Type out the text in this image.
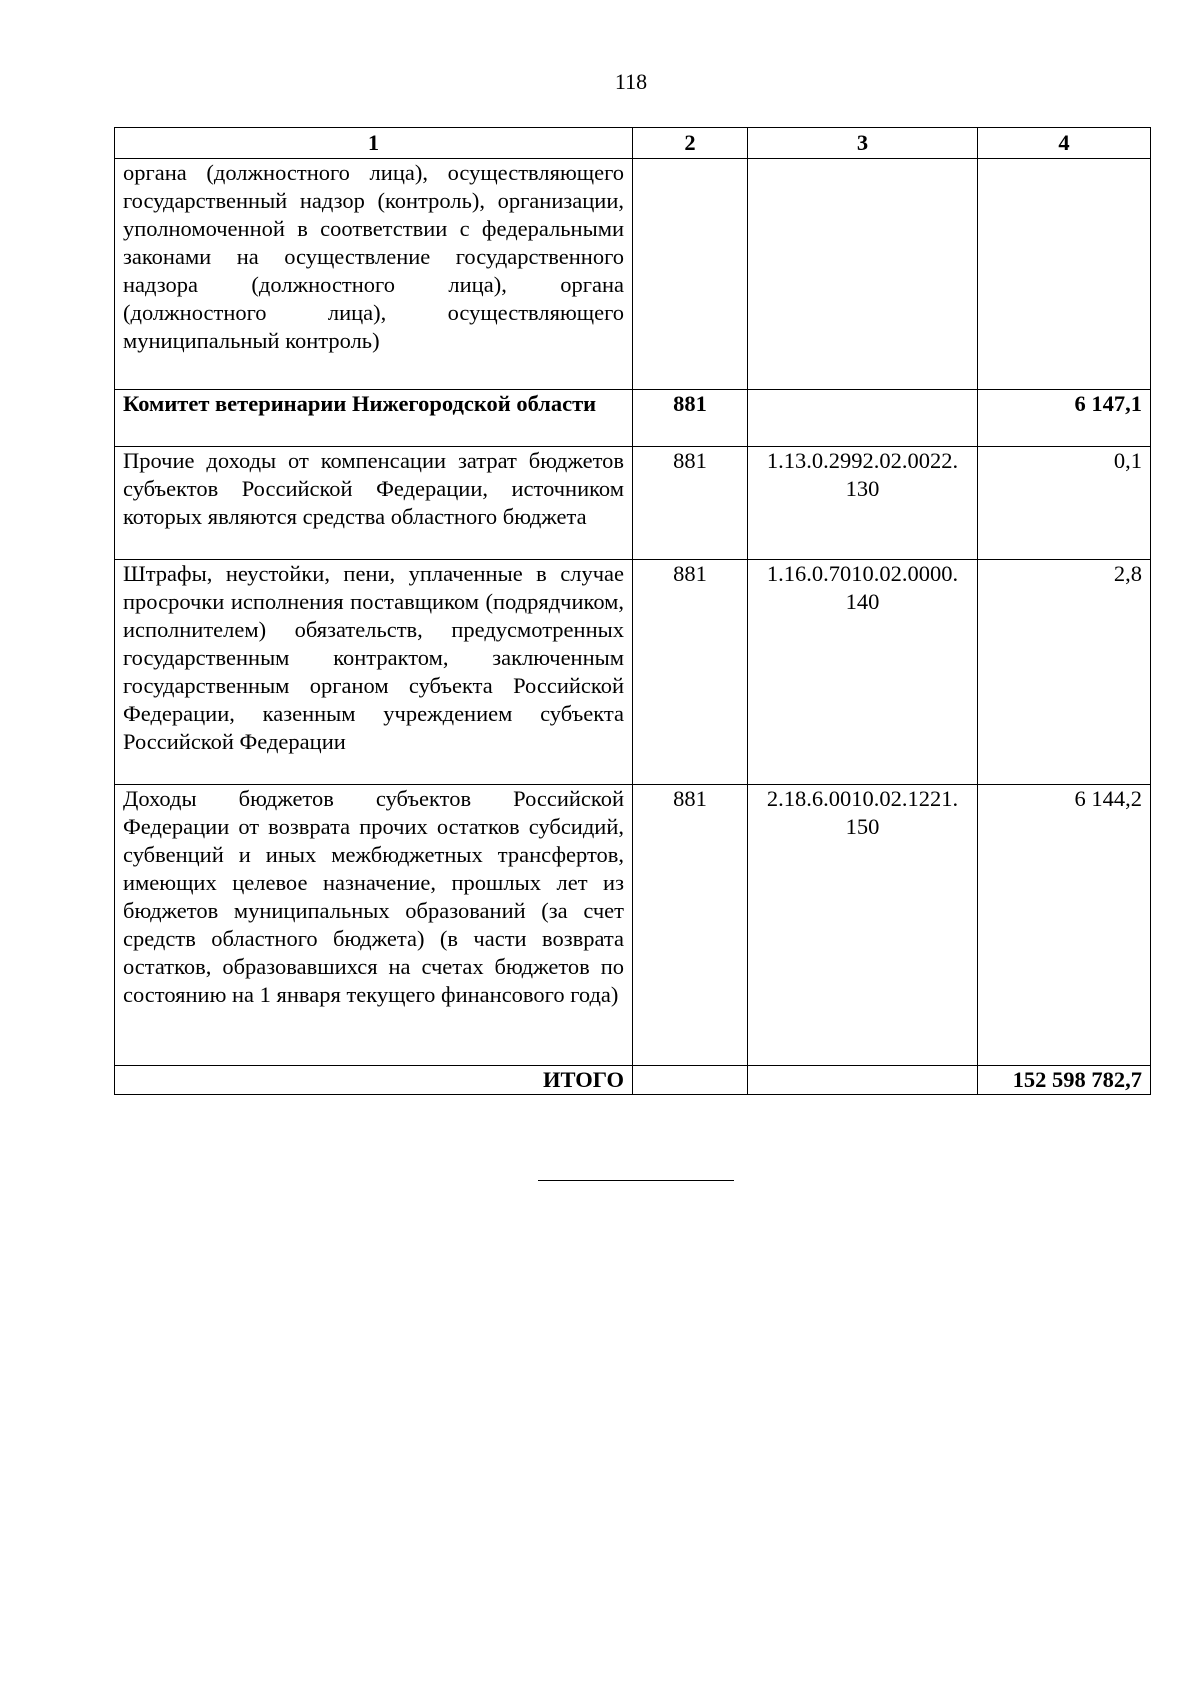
118
1	2	3	4
органа (должностного лица), осуществляющего государственный надзор (контроль), организации, уполномоченной в соответствии с федеральными законами на осуществление государственного надзора (должностного лица), органа (должностного лица), осуществляющего муниципальный контроль)			
Комитет ветеринарии Нижегородской области	881		6 147,1
Прочие доходы от компенсации затрат бюджетов субъектов Российской Федерации, источником которых являются средства областного бюджета	881	1.13.0.2992.02.0022. 130	0,1
Штрафы, неустойки, пени, уплаченные в случае просрочки исполнения поставщиком (подрядчиком, исполнителем) обязательств, предусмотренных государственным контрактом, заключенным государственным органом субъекта Российской Федерации, казенным учреждением субъекта Российской Федерации	881	1.16.0.7010.02.0000. 140	2,8
Доходы бюджетов субъектов Российской Федерации от возврата прочих остатков субсидий, субвенций и иных межбюджетных трансфертов, имеющих целевое назначение, прошлых лет из бюджетов муниципальных образований (за счет средств областного бюджета) (в части возврата остатков, образовавшихся на счетах бюджетов по состоянию на 1 января текущего финансового года)	881	2.18.6.0010.02.1221. 150	6 144,2
ИТОГО			152 598 782,7
